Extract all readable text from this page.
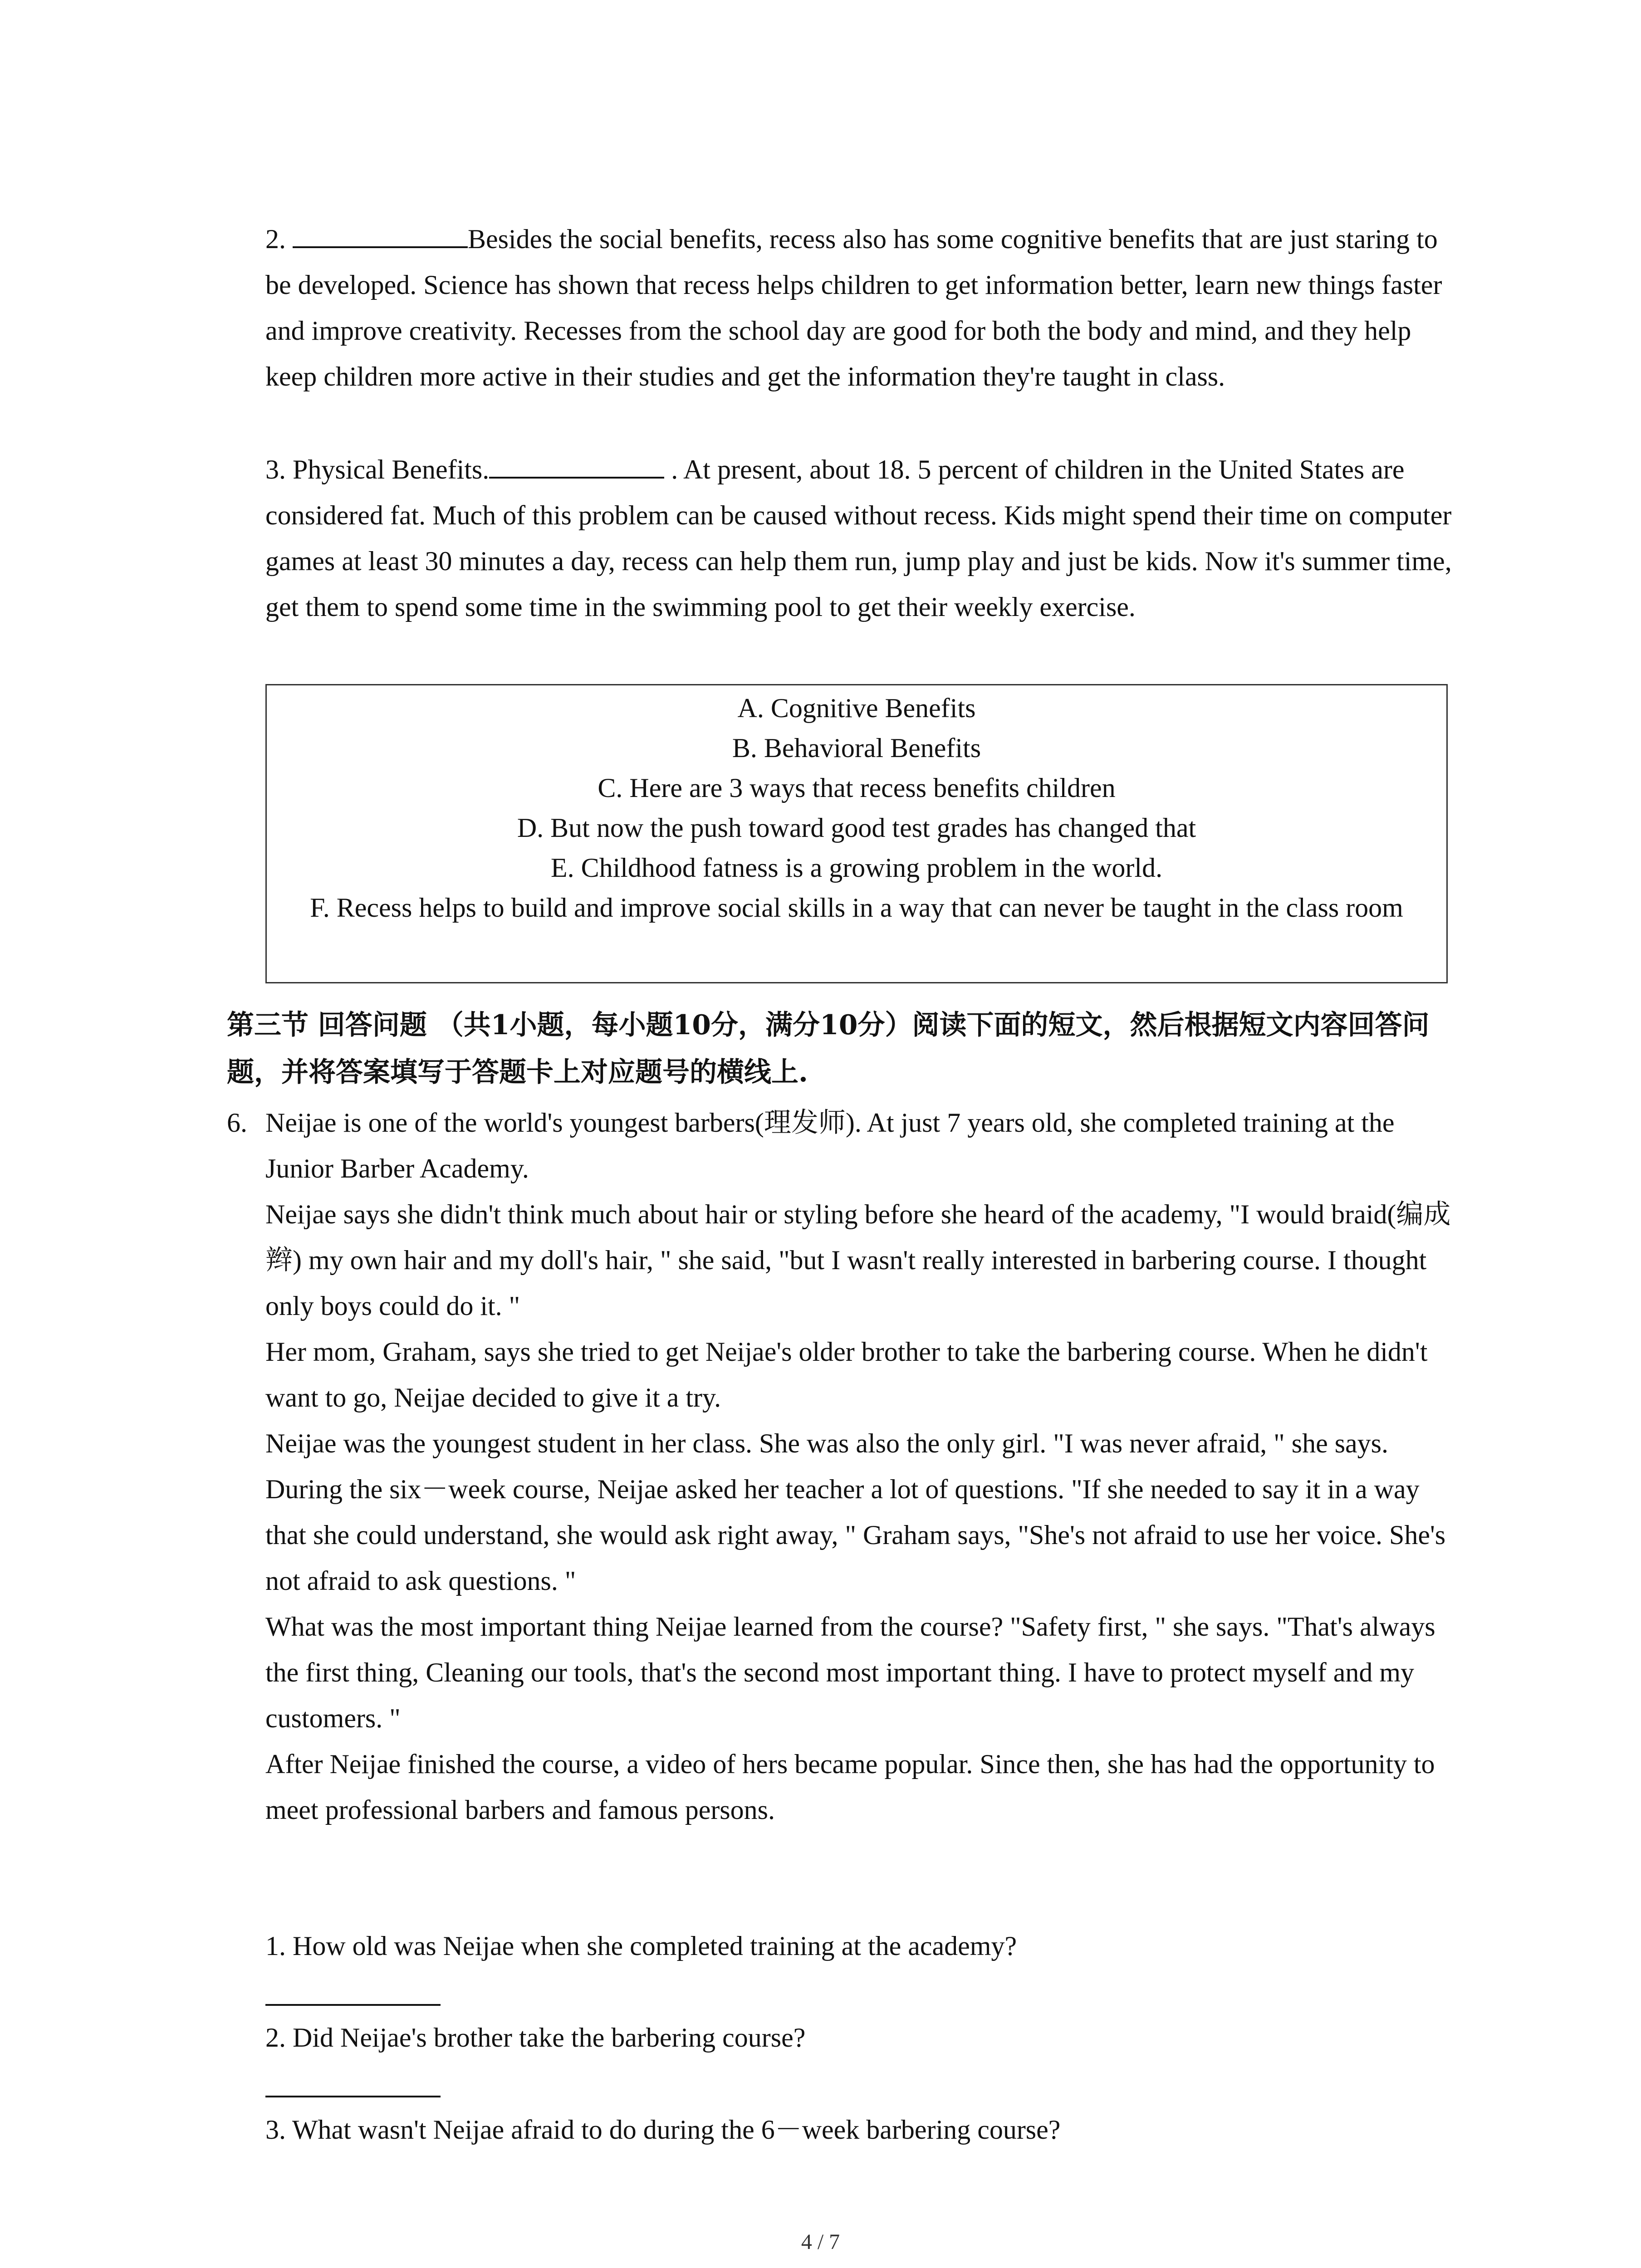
2.	Besides the social benefits, recess also has some cognitive benefits that are just staring to be developed. Science has shown that recess helps children to get information better, learn new things faster and improve creativity. Recesses from the school day are good for both the body and mind, and they help keep children more active in their studies and get the information they're taught in class.

3. Physical Benefits.	. At present, about 18. 5 percent of children in the United States are considered fat. Much of this problem can be caused without recess. Kids might spend their time on computer games at least 30 minutes a day, recess can help them run, jump play and just be kids. Now it's summer time, get them to spend some time in the swimming pool to get their weekly exercise.

A. Cognitive Benefits

B. Behavioral Benefits

C. Here are 3 ways that recess benefits children

D. But now the push toward good test grades has changed that

E. Childhood fatness is a growing problem in the world.

F. Recess helps to build and improve social skills in a way that can never be taught in the class room

第三节 回答问题 （共1小题，每小题10分，满分10分）阅读下面的短文，然后根据短文内容回答问题，并将答案填写于答题卡上对应题号的横线上.

6. Neijae is one of the world's youngest barbers(理发师). At just 7 years old, she completed training at the Junior Barber Academy.

Neijae says she didn't think much about hair or styling before she heard of the academy, "I would braid(编成辫) my own hair and my doll's hair, " she said, "but I wasn't really interested in barbering course. I thought only boys could do it. "

Her mom, Graham, says she tried to get Neijae's older brother to take the barbering course. When he didn't want to go, Neijae decided to give it a try.

Neijae was the youngest student in her class. She was also the only girl. "I was never afraid, " she says.

During the six－week course, Neijae asked her teacher a lot of questions. "If she needed to say it in a way that she could understand, she would ask right away, " Graham says, "She's not afraid to use her voice. She's not afraid to ask questions. "

What was the most important thing Neijae learned from the course? "Safety first, " she says. "That's always the first thing, Cleaning our tools, that's the second most important thing. I have to protect myself and my customers. "

After Neijae finished the course, a video of hers became popular. Since then, she has had the opportunity to meet professional barbers and famous persons.

1. How old was Neijae when she completed training at the academy?

2. Did Neijae's brother take the barbering course?

3. What wasn't Neijae afraid to do during the 6－week barbering course?

4 / 7
